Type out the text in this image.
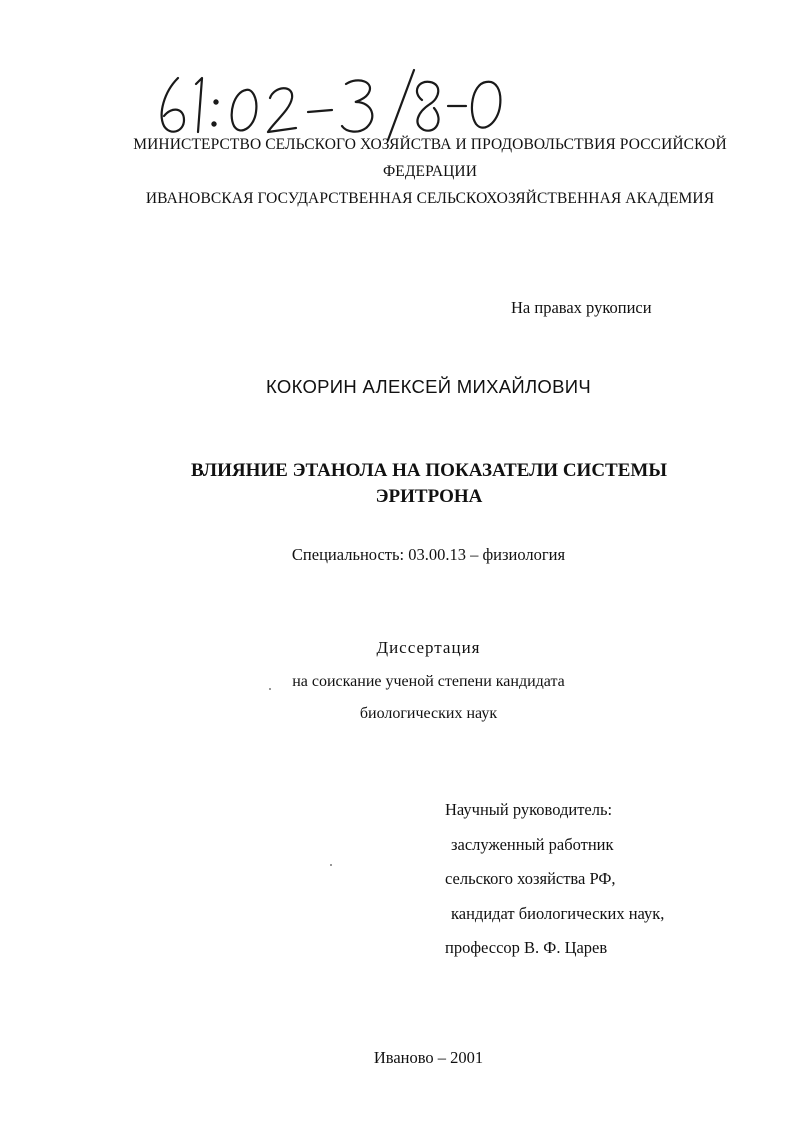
МИНИСТЕРСТВО СЕЛЬСКОГО ХОЗЯЙСТВА И ПРОДОВОЛЬСТВИЯ РОССИЙСКОЙ
ФЕДЕРАЦИИ
ИВАНОВСКАЯ ГОСУДАРСТВЕННАЯ СЕЛЬСКОХОЗЯЙСТВЕННАЯ АКАДЕМИЯ
На правах рукописи
КОКОРИН АЛЕКСЕЙ МИХАЙЛОВИЧ
ВЛИЯНИЕ ЭТАНОЛА НА ПОКАЗАТЕЛИ СИСТЕМЫ
ЭРИТРОНА
Специальность: 03.00.13 – физиология
Диссертация
на соискание ученой степени кандидата
биологических наук
Научный руководитель:
заслуженный работник
сельского хозяйства РФ,
кандидат биологических наук,
профессор В. Ф. Царев
Иваново – 2001
